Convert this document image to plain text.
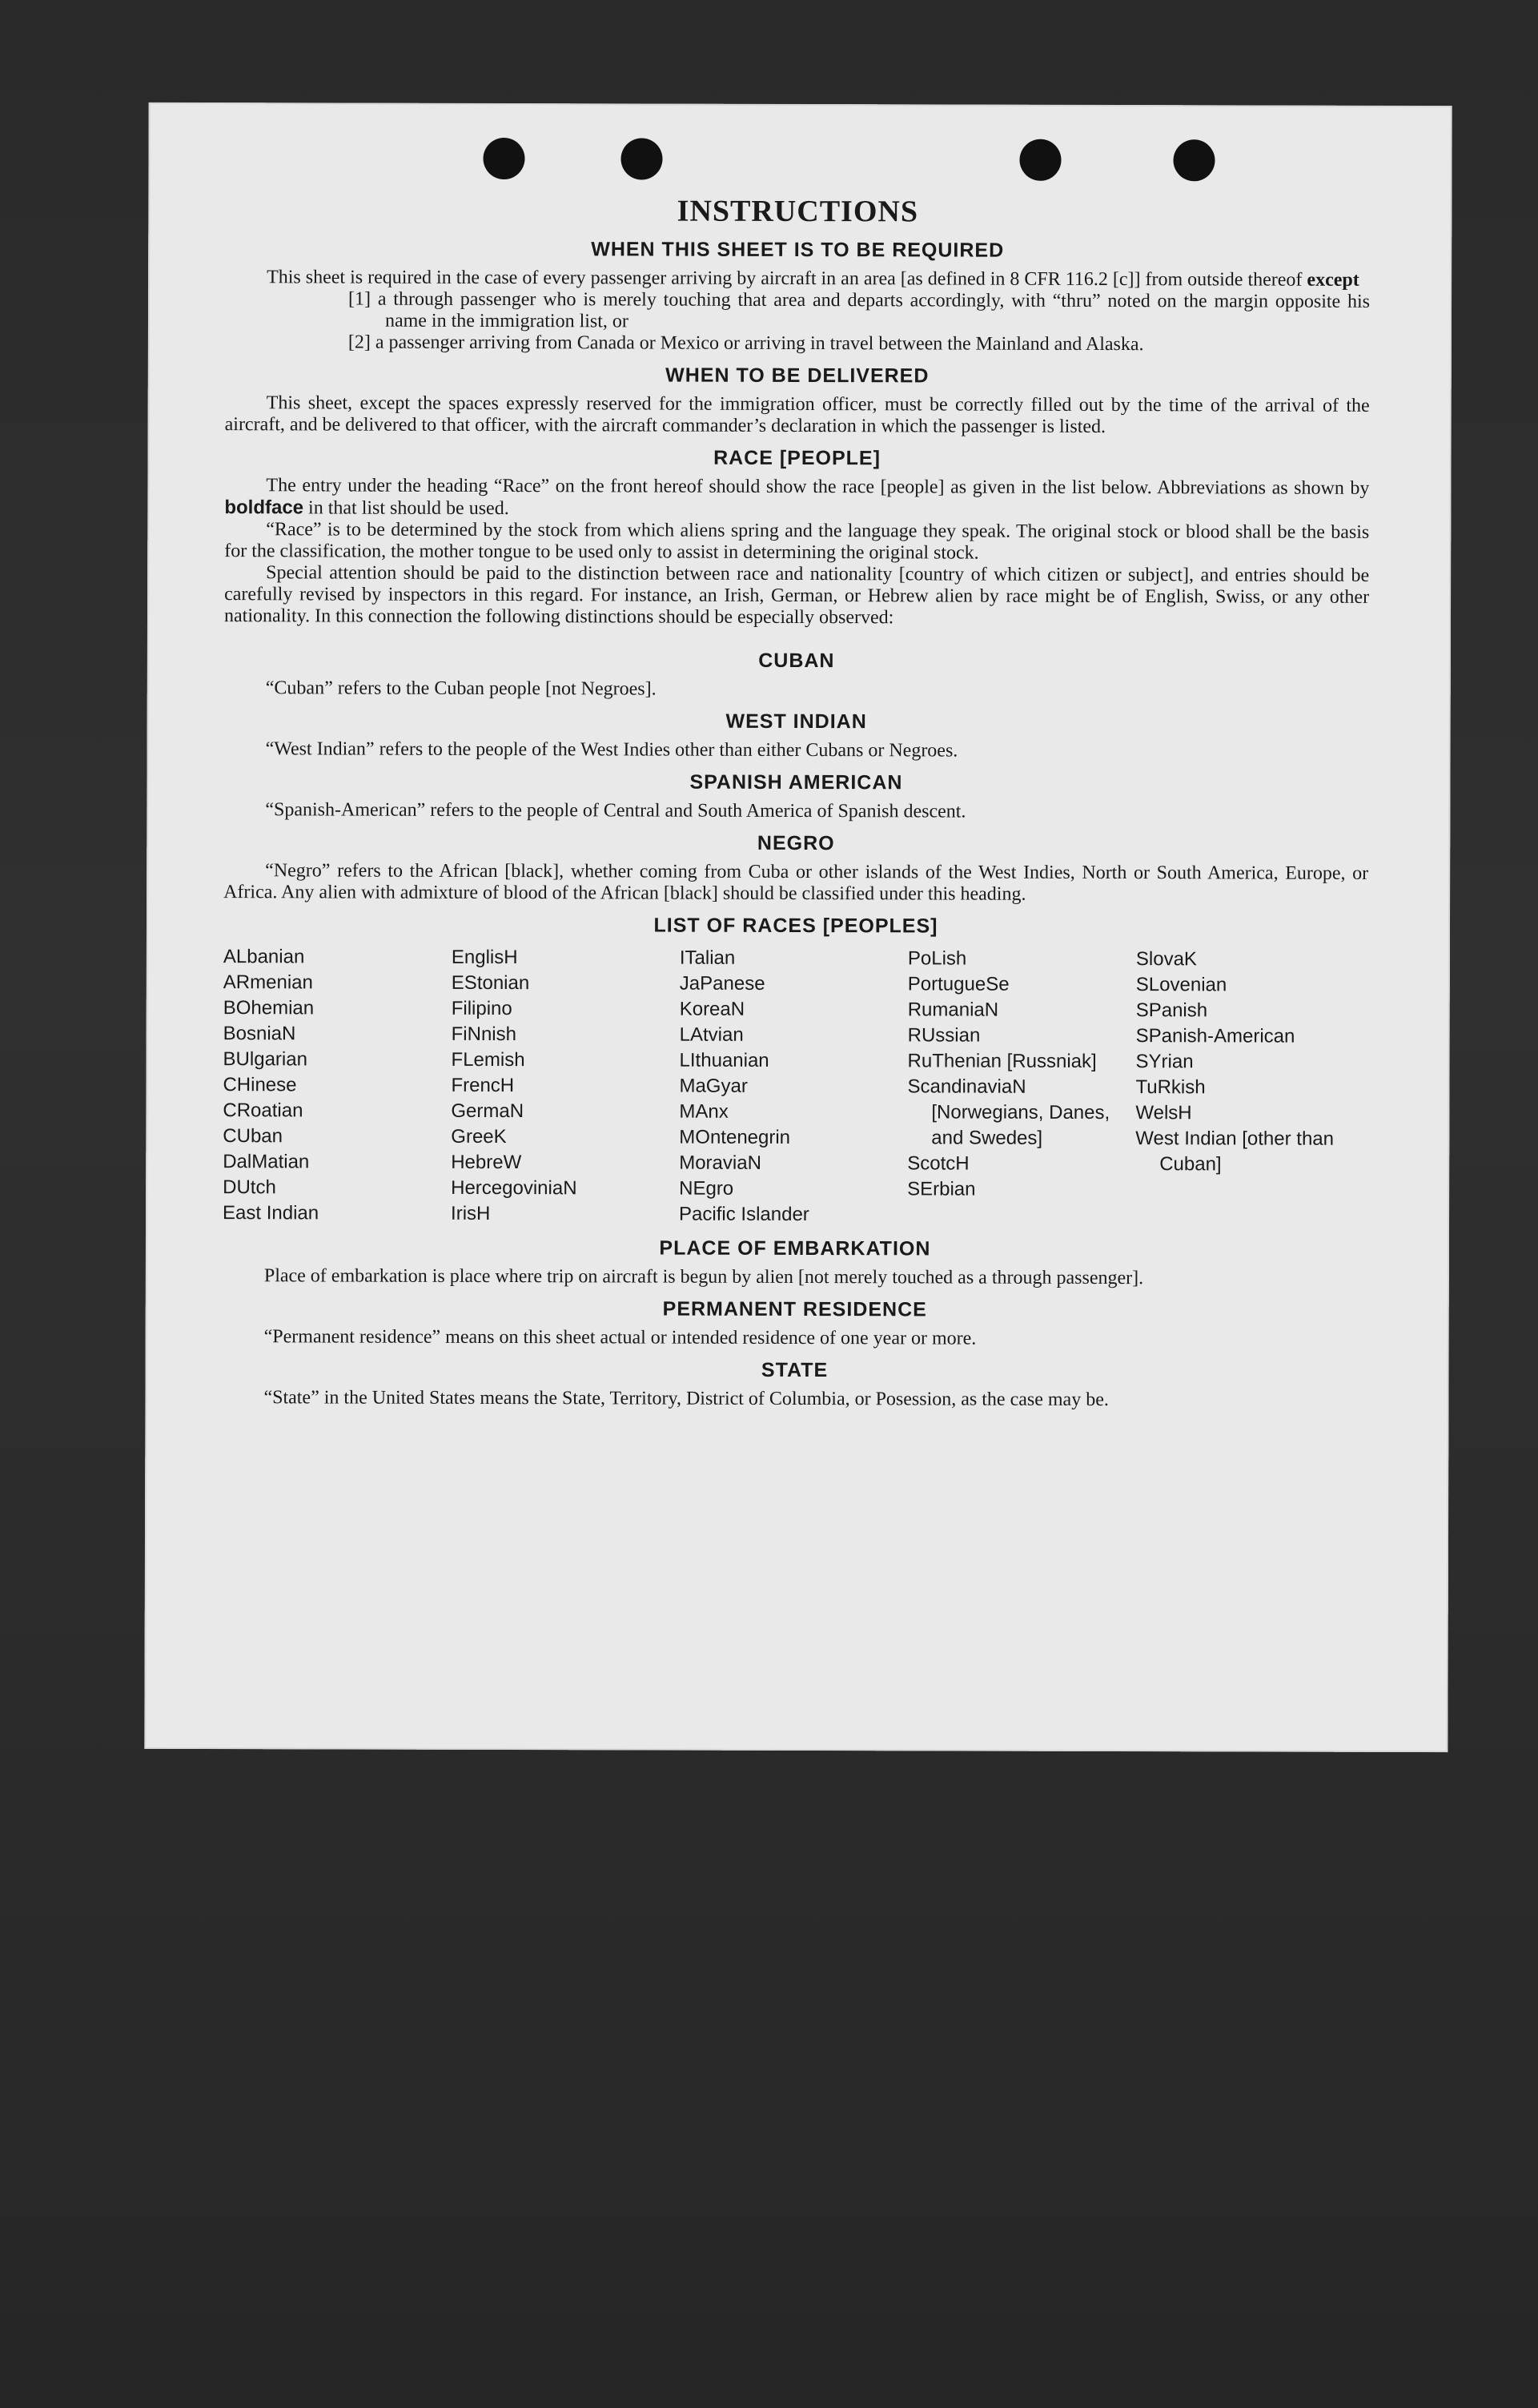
INSTRUCTIONS
WHEN THIS SHEET IS TO BE REQUIRED

This sheet is required in the case of every passenger arriving by aircraft in an area [as defined in 8 CFR 116.2 [c]] from outside thereof except

[1] a through passenger who is merely touching that area and departs accordingly, with “thru” noted on the margin opposite his name in the immigration list, or

[2] a passenger arriving from Canada or Mexico or arriving in travel between the Mainland and Alaska.

WHEN TO BE DELIVERED

This sheet, except the spaces expressly reserved for the immigration officer, must be correctly filled out by the time of the arrival of the aircraft, and be delivered to that officer, with the aircraft commander’s declaration in which the passenger is listed.

RACE [PEOPLE]

The entry under the heading “Race” on the front hereof should show the race [people] as given in the list below. Abbreviations as shown by boldface in that list should be used.

“Race” is to be determined by the stock from which aliens spring and the language they speak. The original stock or blood shall be the basis for the classification, the mother tongue to be used only to assist in determining the original stock.

Special attention should be paid to the distinction between race and nationality [country of which citizen or subject], and entries should be carefully revised by inspectors in this regard. For instance, an Irish, German, or Hebrew alien by race might be of English, Swiss, or any other nationality. In this connection the following distinctions should be especially observed:

CUBAN

“Cuban” refers to the Cuban people [not Negroes].

WEST INDIAN

“West Indian” refers to the people of the West Indies other than either Cubans or Negroes.

SPANISH AMERICAN

“Spanish-American” refers to the people of Central and South America of Spanish descent.

NEGRO

“Negro” refers to the African [black], whether coming from Cuba or other islands of the West Indies, North or South America, Europe, or Africa. Any alien with admixture of blood of the African [black] should be classified under this heading.

LIST OF RACES [PEOPLES]
ALbanian
ARmenian
BOhemian
BosniaN
BUlgarian
CHinese
CRoatian
CUban
DalMatian
DUtch
East Indian
EnglisH
EStonian
Filipino
FiNnish
FLemish
FrencH
GermaN
GreeK
HebreW
HercegoviniaN
IrisH
ITalian
JaPanese
KoreaN
LAtvian
LIthuanian
MaGyar
MAnx
MOntenegrin
MoraviaN
NEgro
Pacific Islander
PoLish
PortugueSe
RumaniaN
RUssian
RuThenian [Russniak]
ScandinaviaN [Norwegians, Danes, and Swedes]
ScotcH
SErbian
SlovaK
SLovenian
SPanish
SPanish-American
SYrian
TuRkish
WelsH
West Indian [other than Cuban]
PLACE OF EMBARKATION

Place of embarkation is place where trip on aircraft is begun by alien [not merely touched as a through passenger].

PERMANENT RESIDENCE

“Permanent residence” means on this sheet actual or intended residence of one year or more.

STATE

“State” in the United States means the State, Territory, District of Columbia, or Posession, as the case may be.
